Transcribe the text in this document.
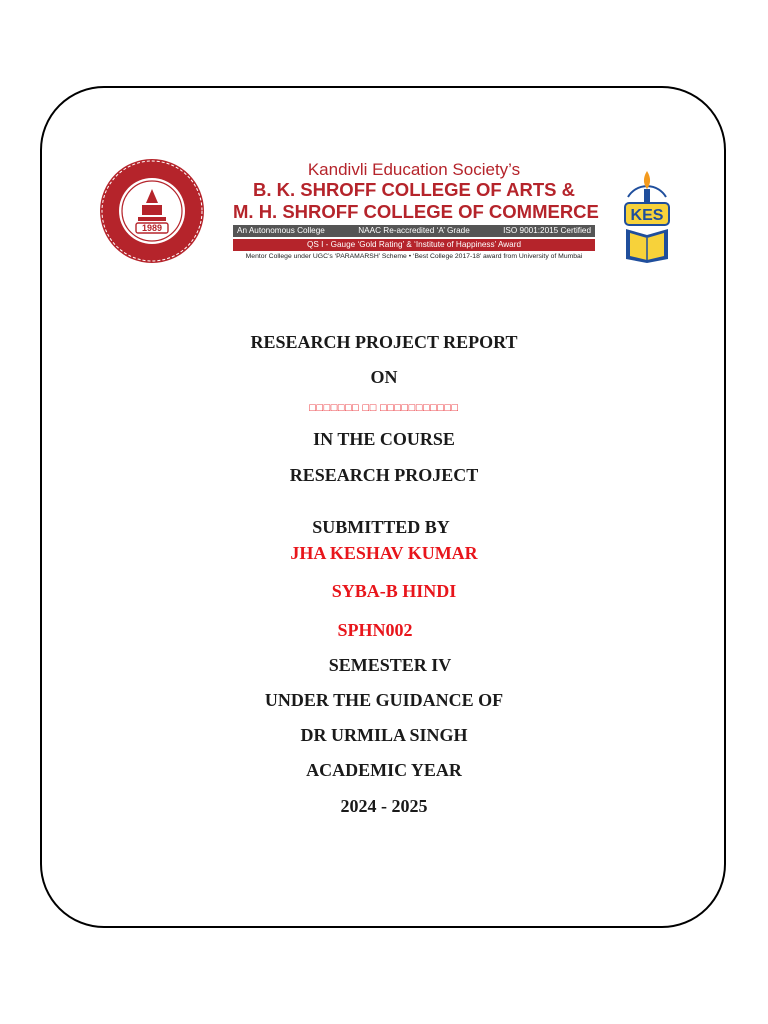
1989
Kandivli Education Society’s
B. K. SHROFF COLLEGE OF ARTS &
M. H. SHROFF COLLEGE OF COMMERCE
An Autonomous College	NAAC Re-accredited ‘A’ Grade	ISO 9001:2015 Certified
QS I - Gauge ‘Gold Rating’ & ‘Institute of Happiness’ Award
Mentor College under UGC’s ‘PARAMARSH’ Scheme • ‘Best College 2017-18’ award from University of Mumbai
KES
RESEARCH PROJECT REPORT
ON
□□□□□□□ □□ □□□□□□□□□□□
IN THE COURSE
RESEARCH PROJECT
SUBMITTED BY
JHA KESHAV KUMAR
SYBA-B HINDI
SPHN002
SEMESTER IV
UNDER THE GUIDANCE OF
DR URMILA SINGH
ACADEMIC YEAR
2024 - 2025
